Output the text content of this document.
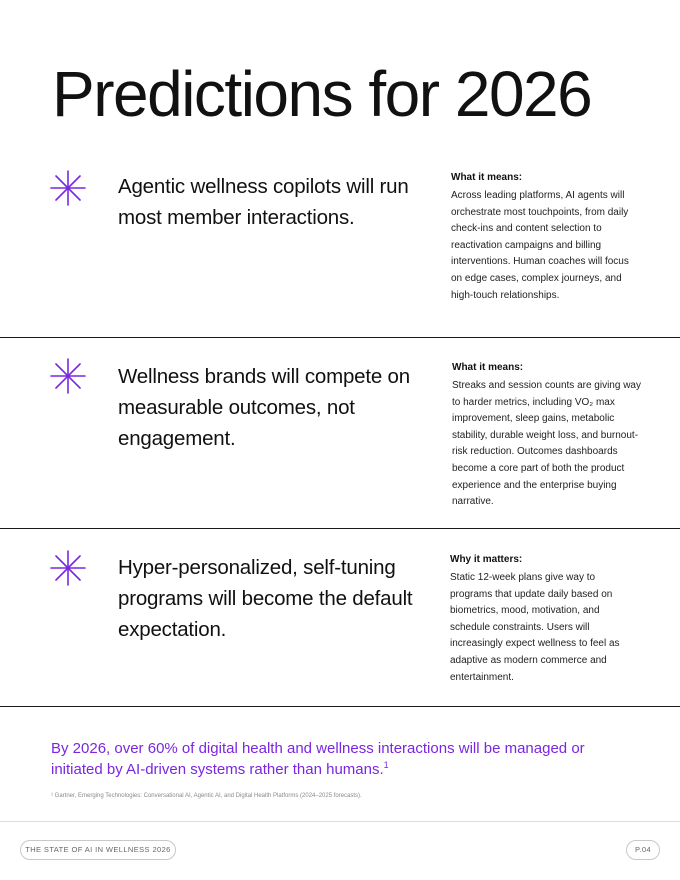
Predictions for 2026

Agentic wellness copilots will run most member interactions.

What it means:

Across leading platforms, AI agents will orchestrate most touchpoints, from daily check-ins and content selection to reactivation campaigns and billing interventions. Human coaches will focus on edge cases, complex journeys, and high-touch relationships.

Wellness brands will compete on measurable outcomes, not engagement.

What it means:

Streaks and session counts are giving way to harder metrics, including VO₂ max improvement, sleep gains, metabolic stability, durable weight loss, and burnout-risk reduction. Outcomes dashboards become a core part of both the product experience and the enterprise buying narrative.

Hyper-personalized, self-tuning programs will become the default expectation.

Why it matters:

Static 12-week plans give way to programs that update daily based on biometrics, mood, motivation, and schedule constraints. Users will increasingly expect wellness to feel as adaptive as modern commerce and entertainment.

By 2026, over 60% of digital health and wellness interactions will be managed or initiated by AI-driven systems rather than humans.$^1$

¹ Gartner, Emerging Technologies: Conversational AI, Agentic AI, and Digital Health Platforms (2024–2025 forecasts).

THE STATE OF AI IN WELLNESS 2026	P.04
